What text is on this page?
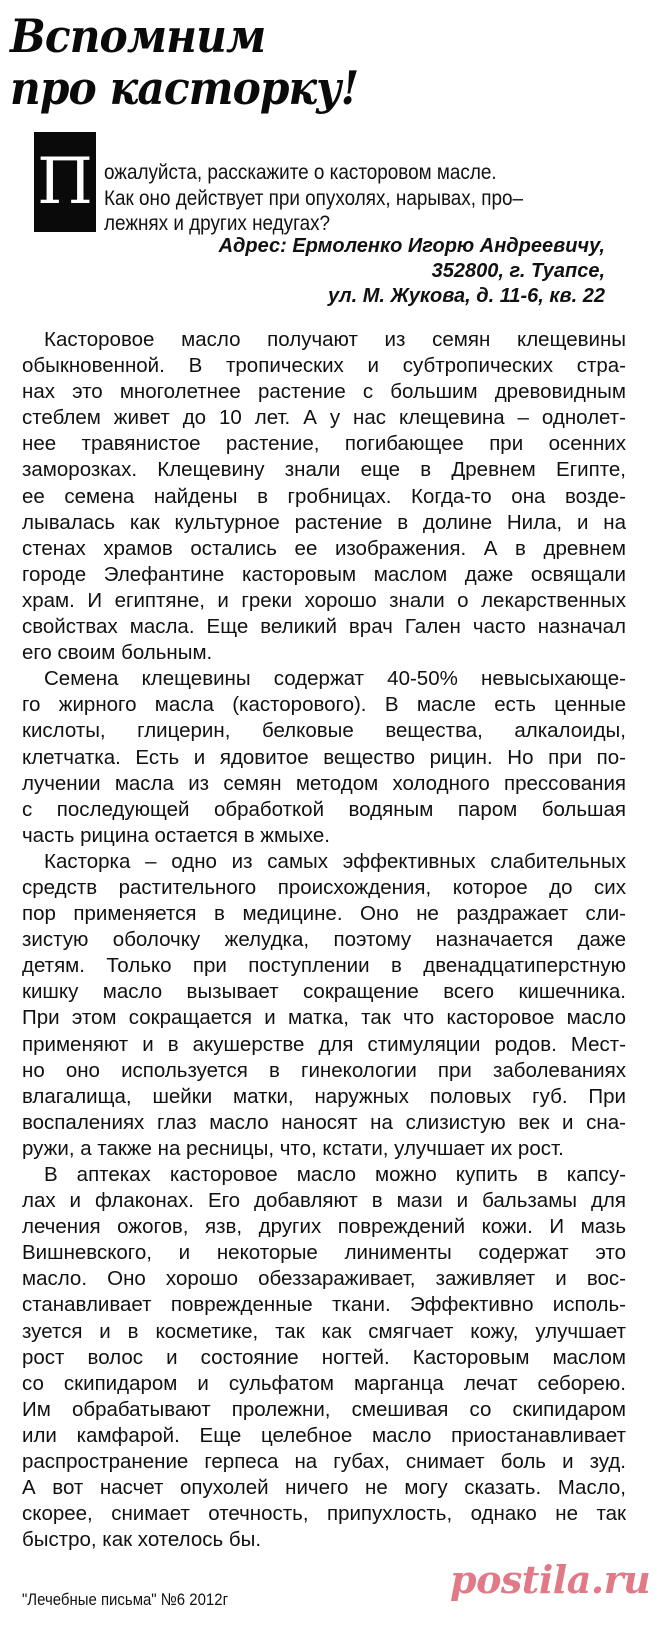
Вспомним
про касторку!
П ожалуйста, расскажите о касторовом масле.
Как оно действует при опухолях, нарывах, про–
лежнях и других недугах?
Адрес: Ермоленко Игорю Андреевичу,
352800, г. Туапсе,
ул. М. Жукова, д. 11-6, кв. 22
Касторовое масло получают из семян клещевины
обыкновенной. В тропических и субтропических стра-
нах это многолетнее растение с большим древовидным
стеблем живет до 10 лет. А у нас клещевина – однолет-
нее травянистое растение, погибающее при осенних
заморозках. Клещевину знали еще в Древнем Египте,
ее семена найдены в гробницах. Когда-то она возде-
лывалась как культурное растение в долине Нила, и на
стенах храмов остались ее изображения. А в древнем
городе Элефантине касторовым маслом даже освящали
храм. И египтяне, и греки хорошо знали о лекарственных
свойствах масла. Еще великий врач Гален часто назначал
его своим больным.
Семена клещевины содержат 40-50% невысыхающе-
го жирного масла (касторового). В масле есть ценные
кислоты, глицерин, белковые вещества, алкалоиды,
клетчатка. Есть и ядовитое вещество рицин. Но при по-
лучении масла из семян методом холодного прессования
с последующей обработкой водяным паром большая
часть рицина остается в жмыхе.
Касторка – одно из самых эффективных слабительных
средств растительного происхождения, которое до сих
пор применяется в медицине. Оно не раздражает сли-
зистую оболочку желудка, поэтому назначается даже
детям. Только при поступлении в двенадцатиперстную
кишку масло вызывает сокращение всего кишечника.
При этом сокращается и матка, так что касторовое масло
применяют и в акушерстве для стимуляции родов. Мест-
но оно используется в гинекологии при заболеваниях
влагалища, шейки матки, наружных половых губ. При
воспалениях глаз масло наносят на слизистую век и сна-
ружи, а также на ресницы, что, кстати, улучшает их рост.
В аптеках касторовое масло можно купить в капсу-
лах и флаконах. Его добавляют в мази и бальзамы для
лечения ожогов, язв, других повреждений кожи. И мазь
Вишневского, и некоторые линименты содержат это
масло. Оно хорошо обеззараживает, заживляет и вос-
станавливает поврежденные ткани. Эффективно исполь-
зуется и в косметике, так как смягчает кожу, улучшает
рост волос и состояние ногтей. Касторовым маслом
со скипидаром и сульфатом марганца лечат себорею.
Им обрабатывают пролежни, смешивая со скипидаром
или камфарой. Еще целебное масло приостанавливает
распространение герпеса на губах, снимает боль и зуд.
А вот насчет опухолей ничего не могу сказать. Масло,
скорее, снимает отечность, припухлость, однако не так
быстро, как хотелось бы.
"Лечебные письма" №6 2012г	postila.ru
